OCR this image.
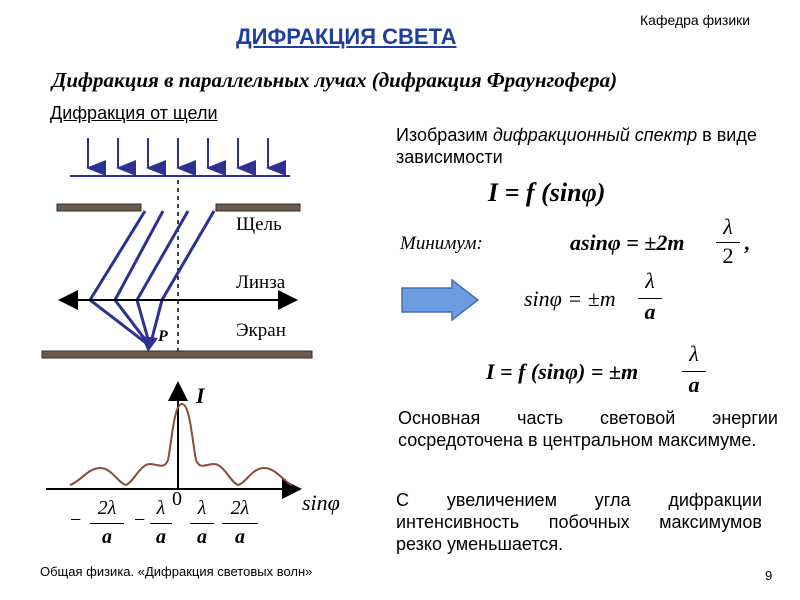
Кафедра физики
ДИФРАКЦИЯ СВЕТА
Дифракция в параллельных лучах (дифракция Фраунгофера)
Дифракция от щели
Щель
Линза
Экран
P
I
sinφ
0
−
2λ
a
−
λ
a
λ
a
2λ
a
Изобразим дифракционный спектр в виде зависимости
I = f (sinφ)
Минимум:	asinφ = ±2m
λ
2
,
sinφ = ±m
λ
a
I = f (sinφ) = ±m
λ
a
Основная часть световой энергии сосредоточена в центральном максимуме.
С увеличением угла дифракции интенсивность побочных максимумов резко уменьшается.
Общая физика. «Дифракция световых волн»	9
